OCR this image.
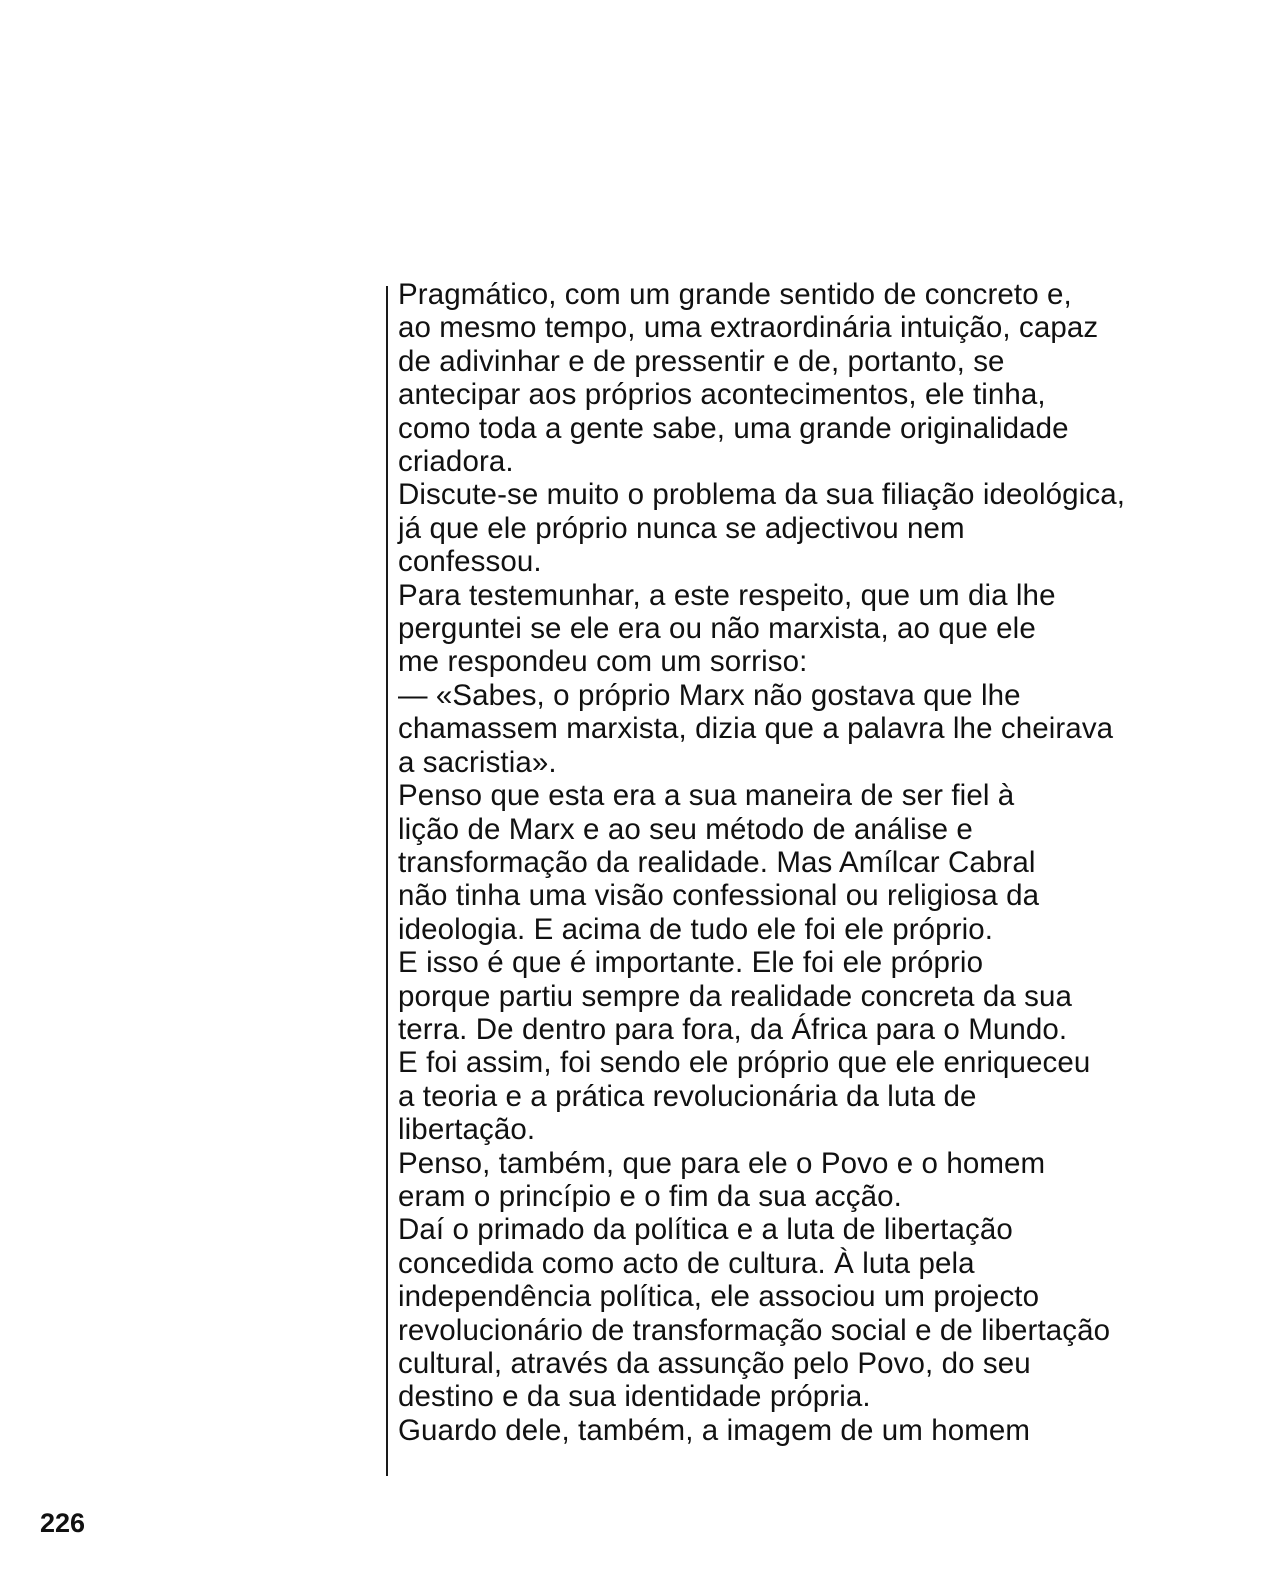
Pragmático, com um grande sentido de concreto e,
ao mesmo tempo, uma extraordinária intuição, capaz
de adivinhar e de pressentir e de, portanto, se
antecipar aos próprios acontecimentos, ele tinha,
como toda a gente sabe, uma grande originalidade
criadora.
Discute-se muito o problema da sua filiação ideológica,
já que ele próprio nunca se adjectivou nem
confessou.
Para testemunhar, a este respeito, que um dia lhe
perguntei se ele era ou não marxista, ao que ele
me respondeu com um sorriso:
— «Sabes, o próprio Marx não gostava que lhe
chamassem marxista, dizia que a palavra lhe cheirava
a sacristia».
Penso que esta era a sua maneira de ser fiel à
lição de Marx e ao seu método de análise e
transformação da realidade. Mas Amílcar Cabral
não tinha uma visão confessional ou religiosa da
ideologia. E acima de tudo ele foi ele próprio.
E isso é que é importante. Ele foi ele próprio
porque partiu sempre da realidade concreta da sua
terra. De dentro para fora, da África para o Mundo.
E foi assim, foi sendo ele próprio que ele enriqueceu
a teoria e a prática revolucionária da luta de
libertação.
Penso, também, que para ele o Povo e o homem
eram o princípio e o fim da sua acção.
Daí o primado da política e a luta de libertação
concedida como acto de cultura. À luta pela
independência política, ele associou um projecto
revolucionário de transformação social e de libertação
cultural, através da assunção pelo Povo, do seu
destino e da sua identidade própria.
Guardo dele, também, a imagem de um homem
226
